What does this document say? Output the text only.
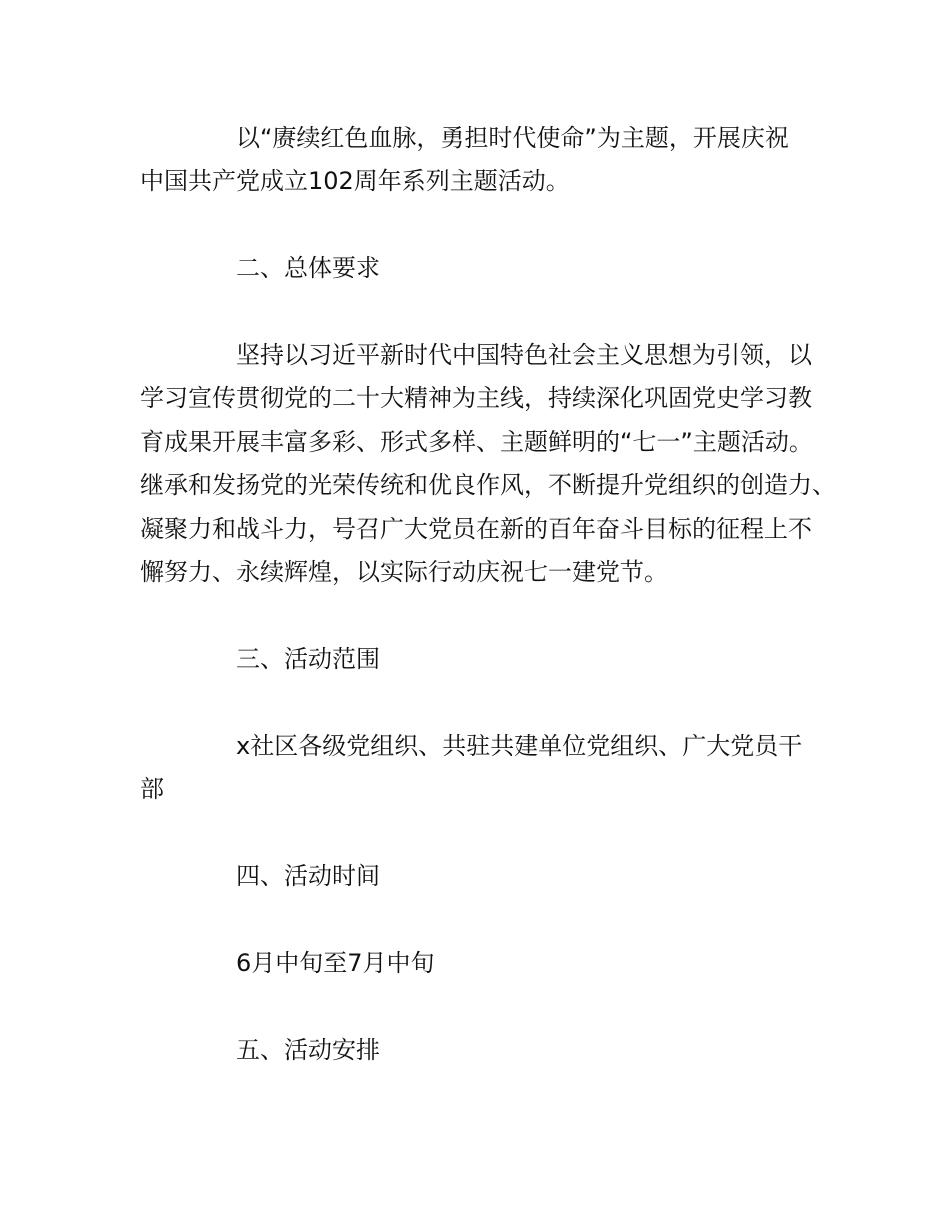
以“赓续红色血脉，勇担时代使命”为主题，开展庆祝
中国共产党成立102周年系列主题活动。
二、总体要求
坚持以习近平新时代中国特色社会主义思想为引领，以
学习宣传贯彻党的二十大精神为主线，持续深化巩固党史学习教
育成果开展丰富多彩、形式多样、主题鲜明的“七一”主题活动。
继承和发扬党的光荣传统和优良作风，不断提升党组织的创造力、
凝聚力和战斗力，号召广大党员在新的百年奋斗目标的征程上不
懈努力、永续辉煌，以实际行动庆祝七一建党节。
三、活动范围
x社区各级党组织、共驻共建单位党组织、广大党员干
部
四、活动时间
6月中旬至7月中旬
五、活动安排
